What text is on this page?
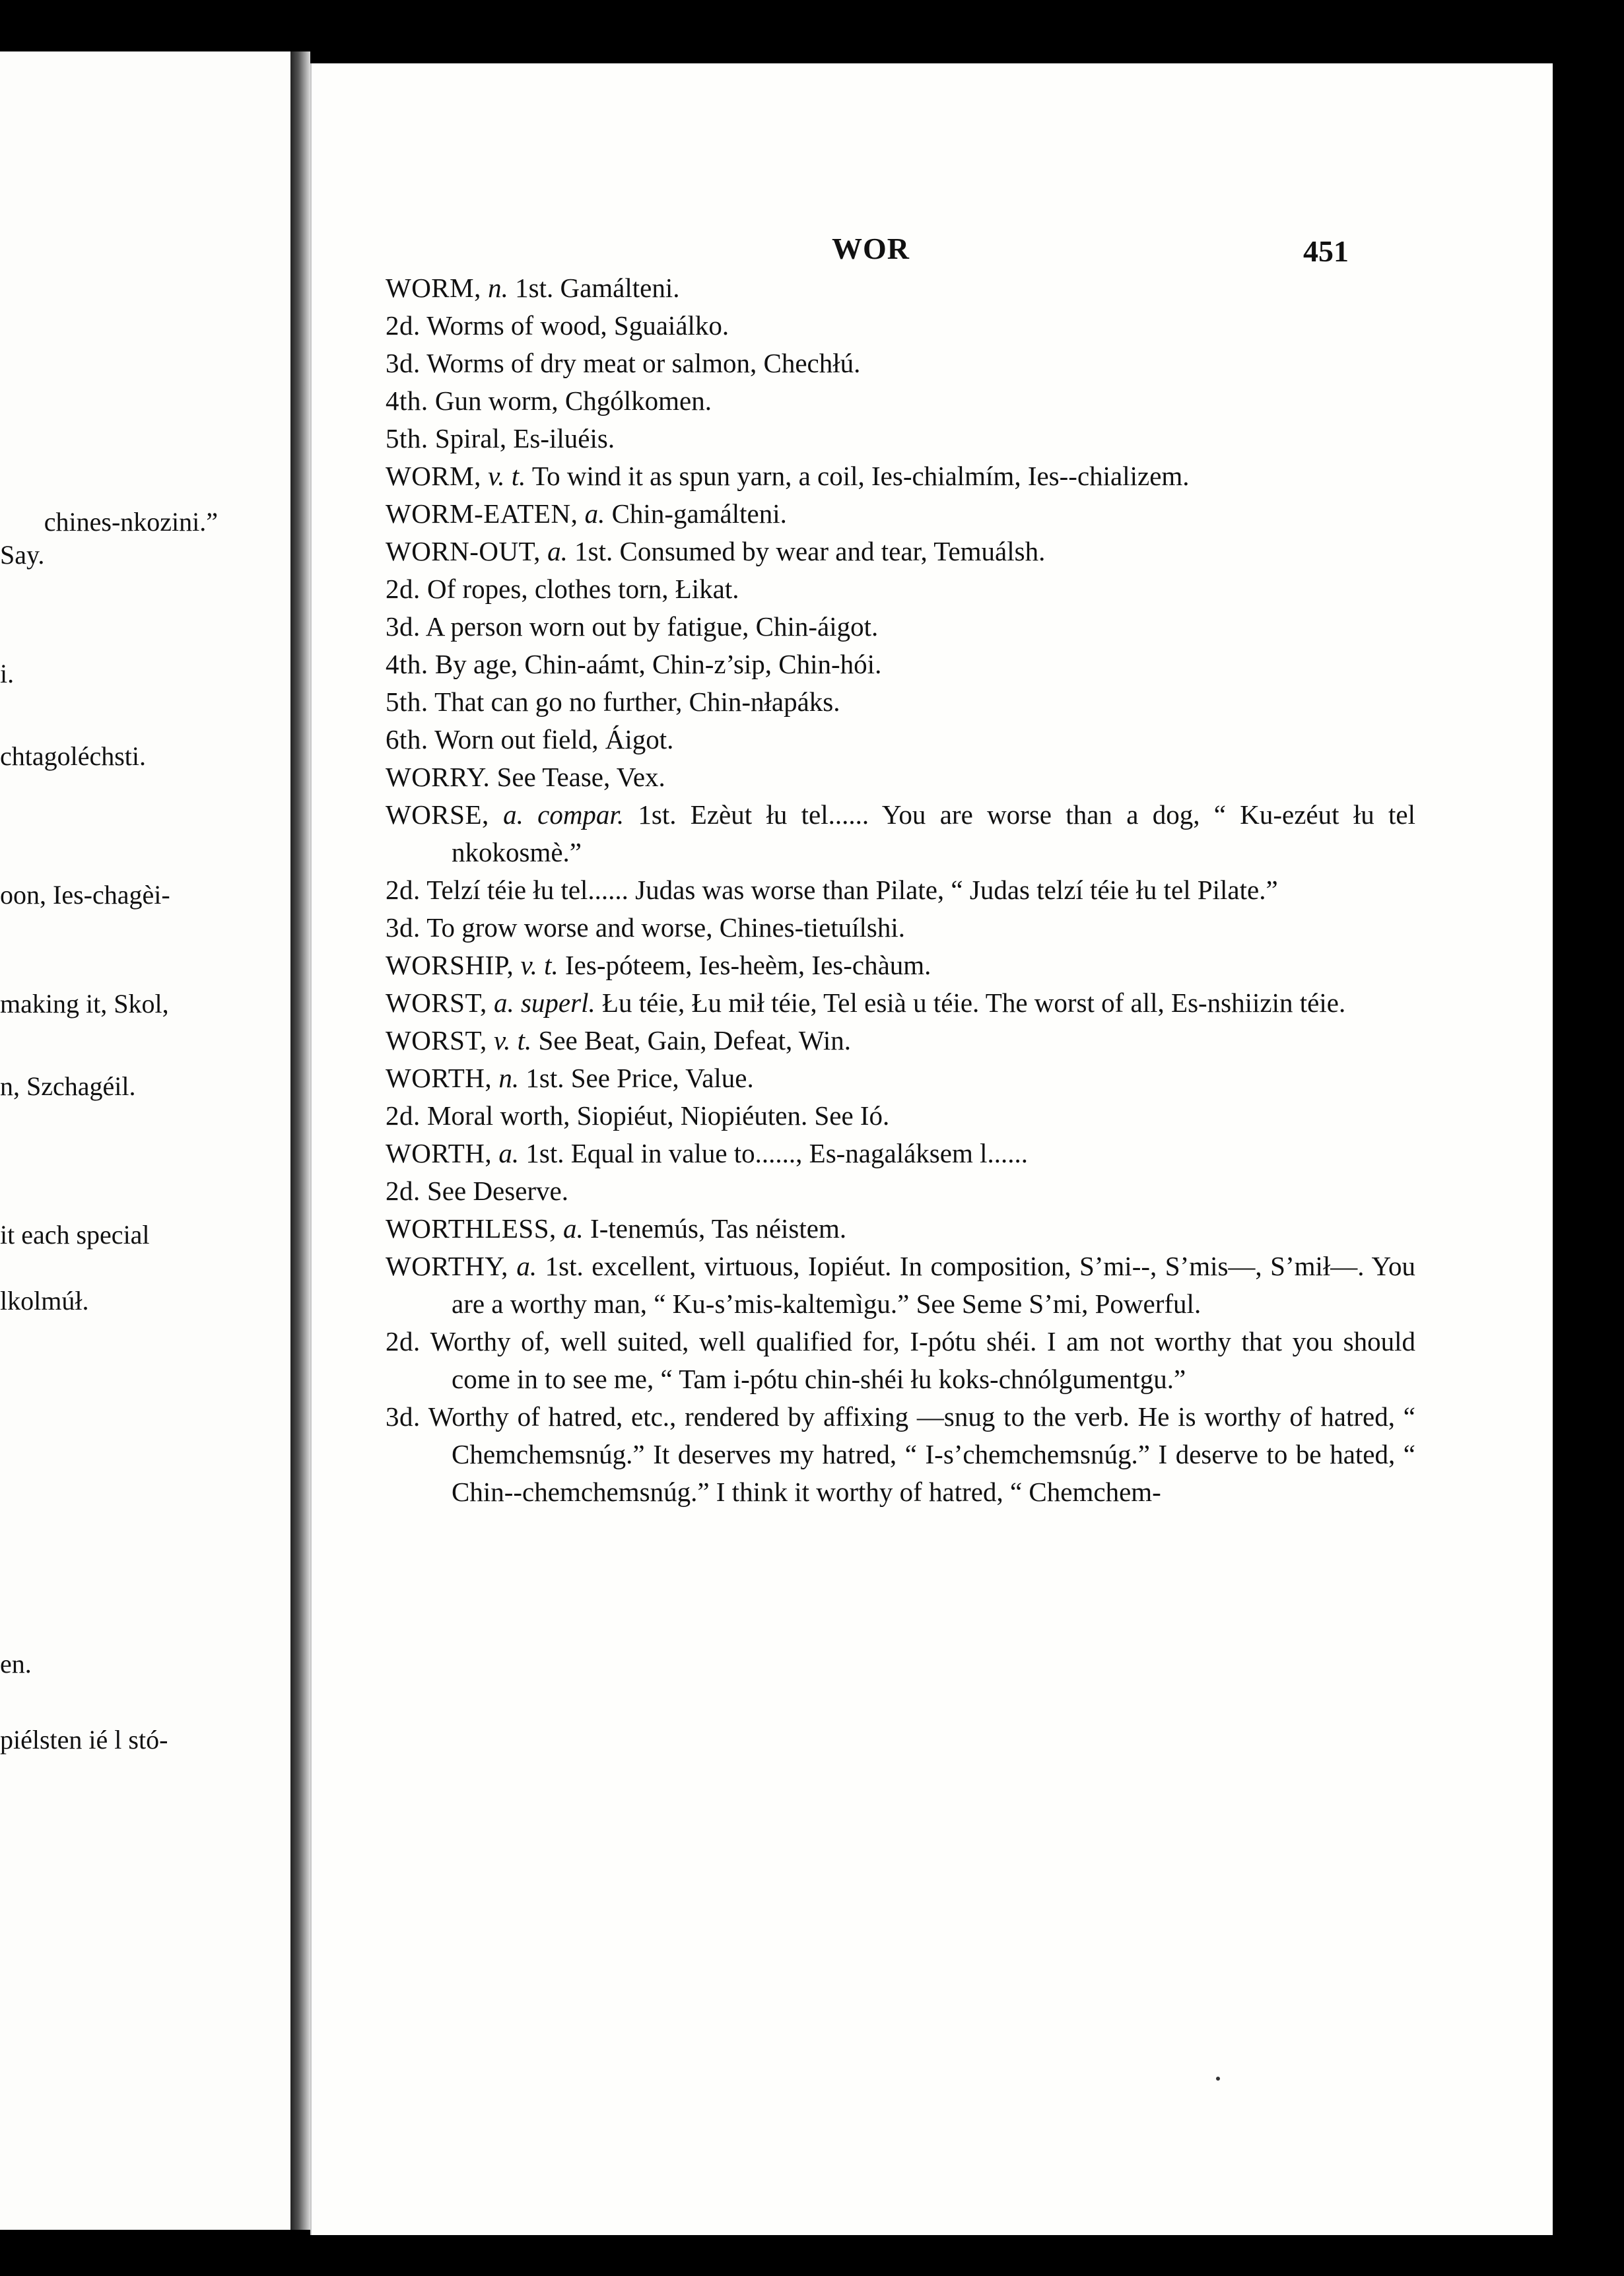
chines-nkozini.”
Say.
i.
chtagoléchsti.
oon, Ies-chagèi-
making it, Skol,
n, Szchagéil.
it each special
lkolmúł.
en.
piélsten ié l stó-
WOR	451

WORM, n. 1st. Gamálteni.

2d. Worms of wood, Sguaiálko.

3d. Worms of dry meat or salmon, Chechłú.

4th. Gun worm, Chgólkomen.

5th. Spiral, Es-iluéis.

WORM, v. t. To wind it as spun yarn, a coil, Ies-chialmím, Ies--chializem.

WORM-EATEN, a. Chin-gamálteni.

WORN-OUT, a. 1st. Consumed by wear and tear, Temuálsh.

2d. Of ropes, clothes torn, Łikat.

3d. A person worn out by fatigue, Chin-áigot.

4th. By age, Chin-aámt, Chin-z’sip, Chin-hói.

5th. That can go no further, Chin-nłapáks.

6th. Worn out field, Áigot.

WORRY. See Tease, Vex.

WORSE, a. compar. 1st. Ezèut łu tel...... You are worse than a dog, “ Ku-ezéut łu tel nkokosmè.”

2d. Telzí téie łu tel...... Judas was worse than Pilate, “ Judas telzí téie łu tel Pilate.”

3d. To grow worse and worse, Chines-tietuílshi.

WORSHIP, v. t. Ies-póteem, Ies-heèm, Ies-chàum.

WORST, a. superl. Łu téie, Łu mił téie, Tel esià u téie. The worst of all, Es-nshiizin téie.

WORST, v. t. See Beat, Gain, Defeat, Win.

WORTH, n. 1st. See Price, Value.

2d. Moral worth, Siopiéut, Niopiéuten. See Ió.

WORTH, a. 1st. Equal in value to......, Es-nagaláksem l......

2d. See Deserve.

WORTHLESS, a. I-tenemús, Tas néistem.

WORTHY, a. 1st. excellent, virtuous, Iopiéut. In composition, S’mi--, S’mis—, S’mił—. You are a worthy man, “ Ku-s’mis-kaltemìgu.” See Seme S’mi, Powerful.

2d. Worthy of, well suited, well qualified for, I-pótu shéi. I am not worthy that you should come in to see me, “ Tam i-pótu chin-shéi łu koks-chnólgumentgu.”

3d. Worthy of hatred, etc., rendered by affixing —snug to the verb. He is worthy of hatred, “ Chemchemsnúg.” It deserves my hatred, “ I-s’chemchemsnúg.” I deserve to be hated, “ Chin--chemchemsnúg.” I think it worthy of hatred, “ Chemchem-
